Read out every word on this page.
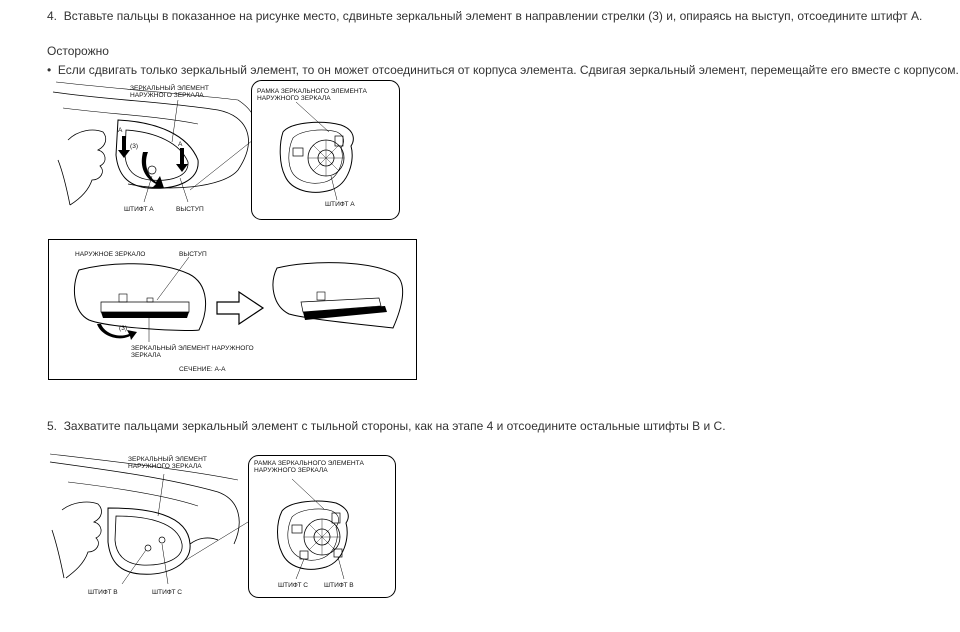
4. Вставьте пальцы в показанное на рисунке место, сдвиньте зеркальный элемент в направлении стрелки (3) и, опираясь на выступ, отсоедините штифт A.
Осторожно
• Если сдвигать только зеркальный элемент, то он может отсоединиться от корпуса элемента. Сдвигая зеркальный элемент, перемещайте его вместе с корпусом.
ЗЕРКАЛЬНЫЙ ЭЛЕМЕНТ
НАРУЖНОГО ЗЕРКАЛА
A
A
(3)
ШТИФТ A	ВЫСТУП
РАМКА ЗЕРКАЛЬНОГО ЭЛЕМЕНТА
НАРУЖНОГО ЗЕРКАЛА
ШТИФТ A
НАРУЖНОЕ ЗЕРКАЛО	ВЫСТУП
(3)
ЗЕРКАЛЬНЫЙ ЭЛЕМЕНТ НАРУЖНОГО
ЗЕРКАЛА
СЕЧЕНИЕ: A-A
5. Захватите пальцами зеркальный элемент с тыльной стороны, как на этапе 4 и отсоедините остальные штифты B и C.
ЗЕРКАЛЬНЫЙ ЭЛЕМЕНТ
НАРУЖНОГО ЗЕРКАЛА
ШТИФТ B	ШТИФТ C
РАМКА ЗЕРКАЛЬНОГО ЭЛЕМЕНТА
НАРУЖНОГО ЗЕРКАЛА
ШТИФТ C ШТИФТ B
